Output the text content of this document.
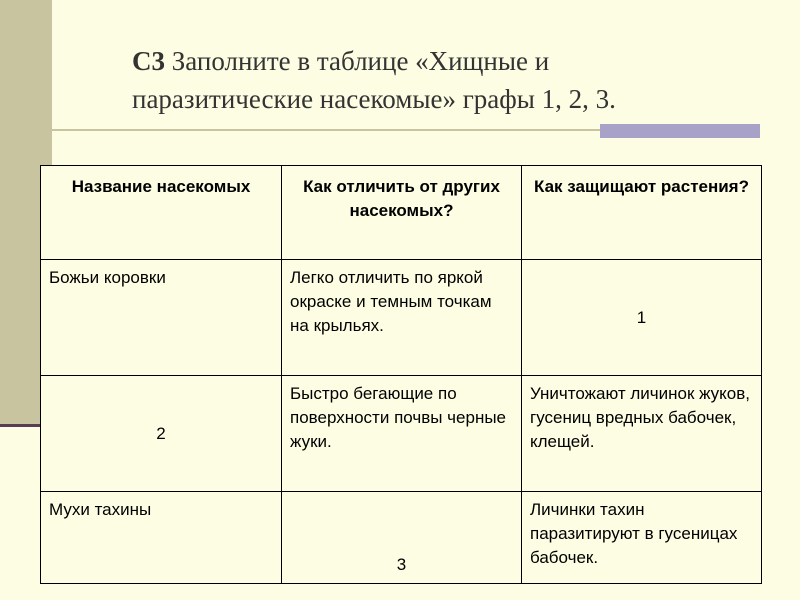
С3 Заполните в таблице «Хищные и
паразитические насекомые» графы 1, 2, 3.
Название насекомых	Как отличить от других насекомых?	Как защищают растения?
Божьи коровки	Легко отличить по яркой окраске и темным точкам на крыльях.	1
2	Быстро бегающие по поверхности почвы черные жуки.	Уничтожают личинок жуков, гусениц вредных бабочек, клещей.
Мухи тахины	3	Личинки тахин паразитируют в гусеницах бабочек.
